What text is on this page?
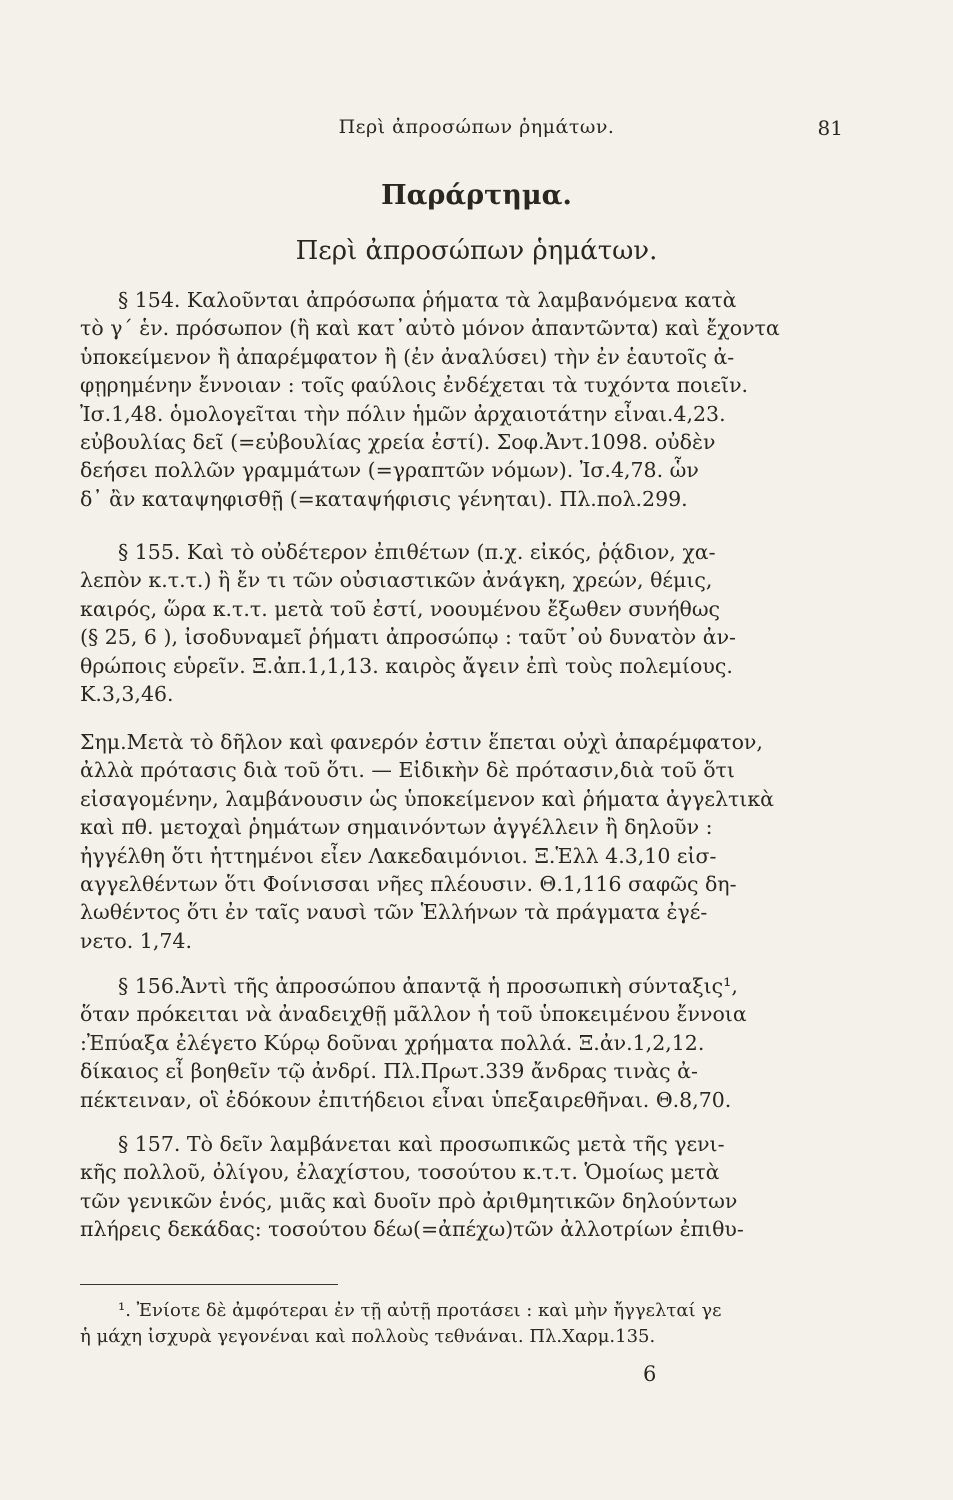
Περὶ ἀπροσώπων ῥημάτων.	81
Παράρτημα.
Περὶ ἀπροσώπων ῥημάτων.
§ 154. Καλοῦνται ἀπρόσωπα ῥήματα τὰ λαμβανόμενα κατὰ
τὸ γ΄ ἑν. πρόσωπον (ἢ καὶ κατ᾽αὐτὸ μόνον ἀπαντῶντα) καὶ ἔχοντα
ὑποκείμενον ἢ ἀπαρέμφατον ἢ (ἐν ἀναλύσει) τὴν ἐν ἑαυτοῖς ἀ-
φῃρημένην ἔννοιαν : τοῖς φαύλοις ἐνδέχεται τὰ τυχόντα ποιεῖν.
Ἰσ.1,48. ὁμολογεῖται τὴν πόλιν ἡμῶν ἀρχαιοτάτην εἶναι.4,23.
εὐβουλίας δεῖ (=εὐβουλίας χρεία ἐστί). Σοφ.Ἀντ.1098. οὐδὲν
δεήσει πολλῶν γραμμάτων (=γραπτῶν νόμων). Ἰσ.4,78. ὧν
δ᾽ ἂν καταψηφισθῇ (=καταψήφισις γένηται). Πλ.πολ.299.
§ 155. Καὶ τὸ οὐδέτερον ἐπιθέτων (π.χ. εἰκός, ῥᾴδιον, χα-
λεπὸν κ.τ.τ.) ἢ ἔν τι τῶν οὐσιαστικῶν ἀνάγκη, χρεών, θέμις,
καιρός, ὥρα κ.τ.τ. μετὰ τοῦ ἐστί, νοουμένου ἔξωθεν συνήθως
(§ 25, 6 ), ἰσοδυναμεῖ ῥήματι ἀπροσώπῳ : ταῦτ᾽οὐ δυνατὸν ἀν-
θρώποις εὑρεῖν. Ξ.ἀπ.1,1,13. καιρὸς ἄγειν ἐπὶ τοὺς πολεμίους.
Κ.3,3,46.
Σημ.Μετὰ τὸ δῆλον καὶ φανερόν ἐστιν ἕπεται οὐχὶ ἀπαρέμφατον,
ἀλλὰ πρότασις διὰ τοῦ ὅτι. — Εἰδικὴν δὲ πρότασιν,διὰ τοῦ ὅτι
εἰσαγομένην, λαμβάνουσιν ὡς ὑποκείμενον καὶ ῥήματα ἀγγελτικὰ
καὶ πθ. μετοχαὶ ῥημάτων σημαινόντων ἀγγέλλειν ἢ δηλοῦν :
ἠγγέλθη ὅτι ἡττημένοι εἶεν Λακεδαιμόνιοι. Ξ.Ἑλλ 4.3,10 εἰσ-
αγγελθέντων ὅτι Φοίνισσαι νῆες πλέουσιν. Θ.1,116 σαφῶς δη-
λωθέντος ὅτι ἐν ταῖς ναυσὶ τῶν Ἑλλήνων τὰ πράγματα ἐγέ-
νετο. 1,74.
§ 156.Ἀντὶ τῆς ἀπροσώπου ἀπαντᾷ ἡ προσωπικὴ σύνταξις¹,
ὅταν πρόκειται νὰ ἀναδειχθῇ μᾶλλον ἡ τοῦ ὑποκειμένου ἔννοια
:Ἐπύαξα ἐλέγετο Κύρῳ δοῦναι χρήματα πολλά. Ξ.ἀν.1,2,12.
δίκαιος εἶ βοηθεῖν τῷ ἀνδρί. Πλ.Πρωτ.339 ἄνδρας τινὰς ἀ-
πέκτειναν, οἳ ἐδόκουν ἐπιτήδειοι εἶναι ὑπεξαιρεθῆναι. Θ.8,70.
§ 157. Τὸ δεῖν λαμβάνεται καὶ προσωπικῶς μετὰ τῆς γενι-
κῆς πολλοῦ, ὀλίγου, ἐλαχίστου, τοσούτου κ.τ.τ. Ὁμοίως μετὰ
τῶν γενικῶν ἑνός, μιᾶς καὶ δυοῖν πρὸ ἀριθμητικῶν δηλούντων
πλήρεις δεκάδας: τοσούτου δέω(=ἀπέχω)τῶν ἀλλοτρίων ἐπιθυ-
¹. Ἐνίοτε δὲ ἀμφότεραι ἐν τῇ αὐτῇ προτάσει : καὶ μὴν ἤγγελταί γε
ἡ μάχη ἰσχυρὰ γεγονέναι καὶ πολλοὺς τεθνάναι. Πλ.Χαρμ.135.
6
